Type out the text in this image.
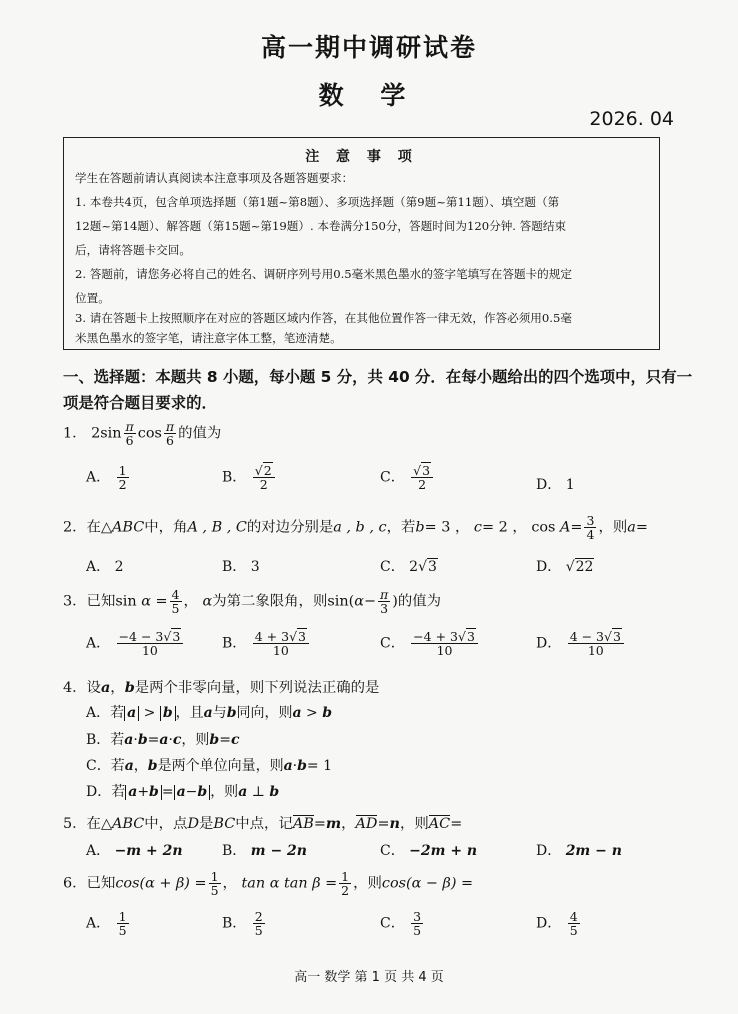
高一期中调研试卷
数 学
2026. 04
注 意 事 项
学生在答题前请认真阅读本注意事项及各题答题要求：
1. 本卷共4页，包含单项选择题（第1题~第8题）、多项选择题（第9题~第11题）、填空题（第
12题~第14题）、解答题（第15题~第19题）. 本卷满分150分，答题时间为120分钟. 答题结束
后，请将答题卡交回。
2. 答题前，请您务必将自己的姓名、调研序列号用0.5毫米黑色墨水的签字笔填写在答题卡的规定
位置。
3. 请在答题卡上按照顺序在对应的答题区域内作答，在其他位置作答一律无效，作答必须用0.5毫
米黑色墨水的签字笔，请注意字体工整，笔迹清楚。
一、选择题：本题共 8 小题，每小题 5 分，共 40 分．在每小题给出的四个选项中，只有一
项是符合题目要求的．
1． $2\sin \frac{\pi}{6}$ $\cos \frac{\pi}{6}$ 的值为
A． $\frac{1}{2}$	B． $\frac{√2}{2}$	C． $\frac{√3}{2}$	D． 1
2．在△ABC中，角A , B , C的对边分别是a , b , c，若b= 3 ， c= 2 ， $\cos A= \frac{3}{4}$ ，则a=
A． 2	B． 3	C． 2√3	D． √22
3．已知$\sin \alpha = \frac{4}{5}$ ， α为第二象限角，则$\sin(\alpha- \frac{\pi}{3}$ )的值为
A． $\frac{-4 - 3√3}{10}$	B． $\frac{4 + 3√3}{10}$	C． $\frac{-4 + 3√3}{10}$	D． $\frac{4 - 3√3}{10}$
4．设a，b是两个非零向量，则下列说法正确的是
A．若 a > b ，且a与b同向，则a > b
B．若a·b=a·c，则b=c
C．若a，b是两个单位向量，则a·b= 1
D．若 a+b = a−b ，则a ⊥ b
5．在△ABC中，点D是BC中点，记AB=m，AD=n，则AC=
A． −m + 2n	B． m − 2n	C． −2m + n	D． 2m − n
6．已知$\cos(\alpha + \beta) = \frac{1}{5}$ ， tan α $\tan \beta = \frac{1}{2}$ ，则cos(α − β) =
A． $\frac{1}{5}$	B． $\frac{2}{5}$	C． $\frac{3}{5}$	D． $\frac{4}{5}$
高一 数学 第 1 页 共 4 页
